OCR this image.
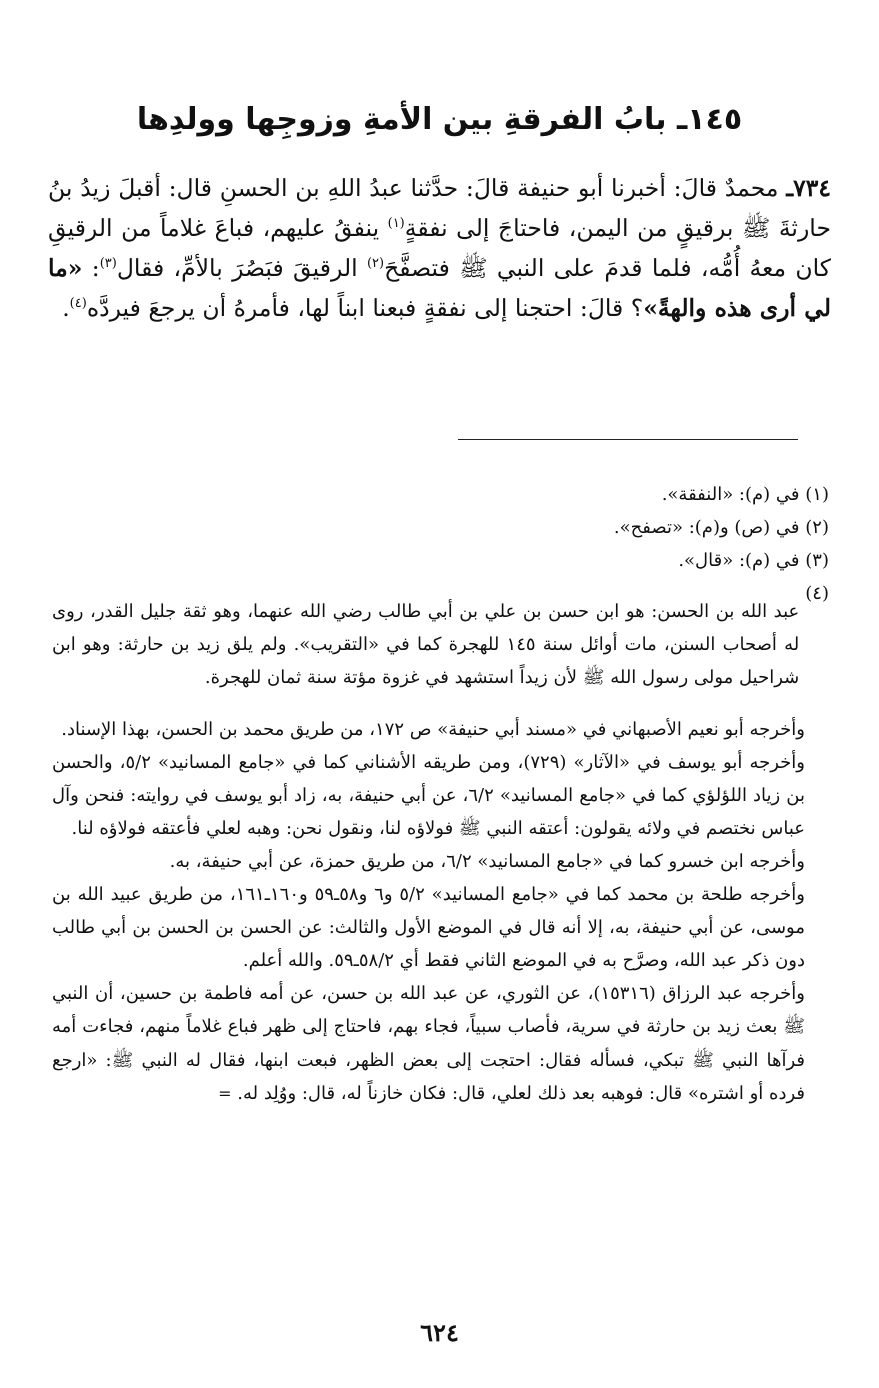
١٤٥ـ بابُ الفرقةِ بين الأمةِ وزوجِها وولدِها

٧٣٤ـ محمدٌ قالَ: أخبرنا أبو حنيفة قالَ: حدَّثنا عبدُ اللهِ بن الحسنِ قال: أقبلَ زيدُ بنُ حارثةَ ﷺ برقيقٍ من اليمن، فاحتاجَ إلى نفقةٍ$^{(١)}$ ينفقُ عليهم، فباعَ غلاماً من الرقيقِ كان معهُ أُمُّه، فلما قدمَ على النبي ﷺ فتصفَّحَ$^{(٢)}$ الرقيقَ فبَصُرَ بالأمِّ، فقال$^{(٣)}$: «ما لي أرى هذه والهةً»؟ قالَ: احتجنا إلى نفقةٍ فبعنا ابناً لها، فأمرهُ أن يرجعَ فيردَّه$^{(٤)}$.

(١) في (م): «النفقة».

(٢) في (ص) و(م): «تصفح».

(٣) في (م): «قال».

(٤)

عبد الله بن الحسن: هو ابن حسن بن علي بن أبي طالب رضي الله عنهما، وهو ثقة جليل القدر، روى له أصحاب السنن، مات أوائل سنة ١٤٥ للهجرة كما في «التقريب». ولم يلق زيد بن حارثة: وهو ابن شراحيل مولى رسول الله ﷺ لأن زيداً استشهد في غزوة مؤتة سنة ثمان للهجرة.

وأخرجه أبو نعيم الأصبهاني في «مسند أبي حنيفة» ص ١٧٢، من طريق محمد بن الحسن، بهذا الإسناد.

وأخرجه أبو يوسف في «الآثار» (٧٢٩)، ومن طريقه الأشناني كما في «جامع المسانيد» ٥/٢، والحسن بن زياد اللؤلؤي كما في «جامع المسانيد» ٦/٢، عن أبي حنيفة، به، زاد أبو يوسف في روايته: فنحن وآل عباس نختصم في ولائه يقولون: أعتقه النبي ﷺ فولاؤه لنا، ونقول نحن: وهبه لعلي فأعتقه فولاؤه لنا.

وأخرجه ابن خسرو كما في «جامع المسانيد» ٦/٢، من طريق حمزة، عن أبي حنيفة، به.

وأخرجه طلحة بن محمد كما في «جامع المسانيد» ٥/٢ و٦ و٥٨ـ٥٩ و١٦٠ـ١٦١، من طريق عبيد الله بن موسى، عن أبي حنيفة، به، إلا أنه قال في الموضع الأول والثالث: عن الحسن بن الحسن بن أبي طالب دون ذكر عبد الله، وصرَّح به في الموضع الثاني فقط أي ٥٨/٢ـ٥٩. والله أعلم.

وأخرجه عبد الرزاق (١٥٣١٦)، عن الثوري، عن عبد الله بن حسن، عن أمه فاطمة بن حسين، أن النبي ﷺ بعث زيد بن حارثة في سرية، فأصاب سبياً، فجاء بهم، فاحتاج إلى ظهر فباع غلاماً منهم، فجاءت أمه فرآها النبي ﷺ تبكي، فسأله فقال: احتجت إلى بعض الظهر، فبعت ابنها، فقال له النبي ﷺ: «ارجع فرده أو اشتره» قال: فوهبه بعد ذلك لعلي، قال: فكان خازناً له، قال: ووُلِد له. =

٦٢٤
